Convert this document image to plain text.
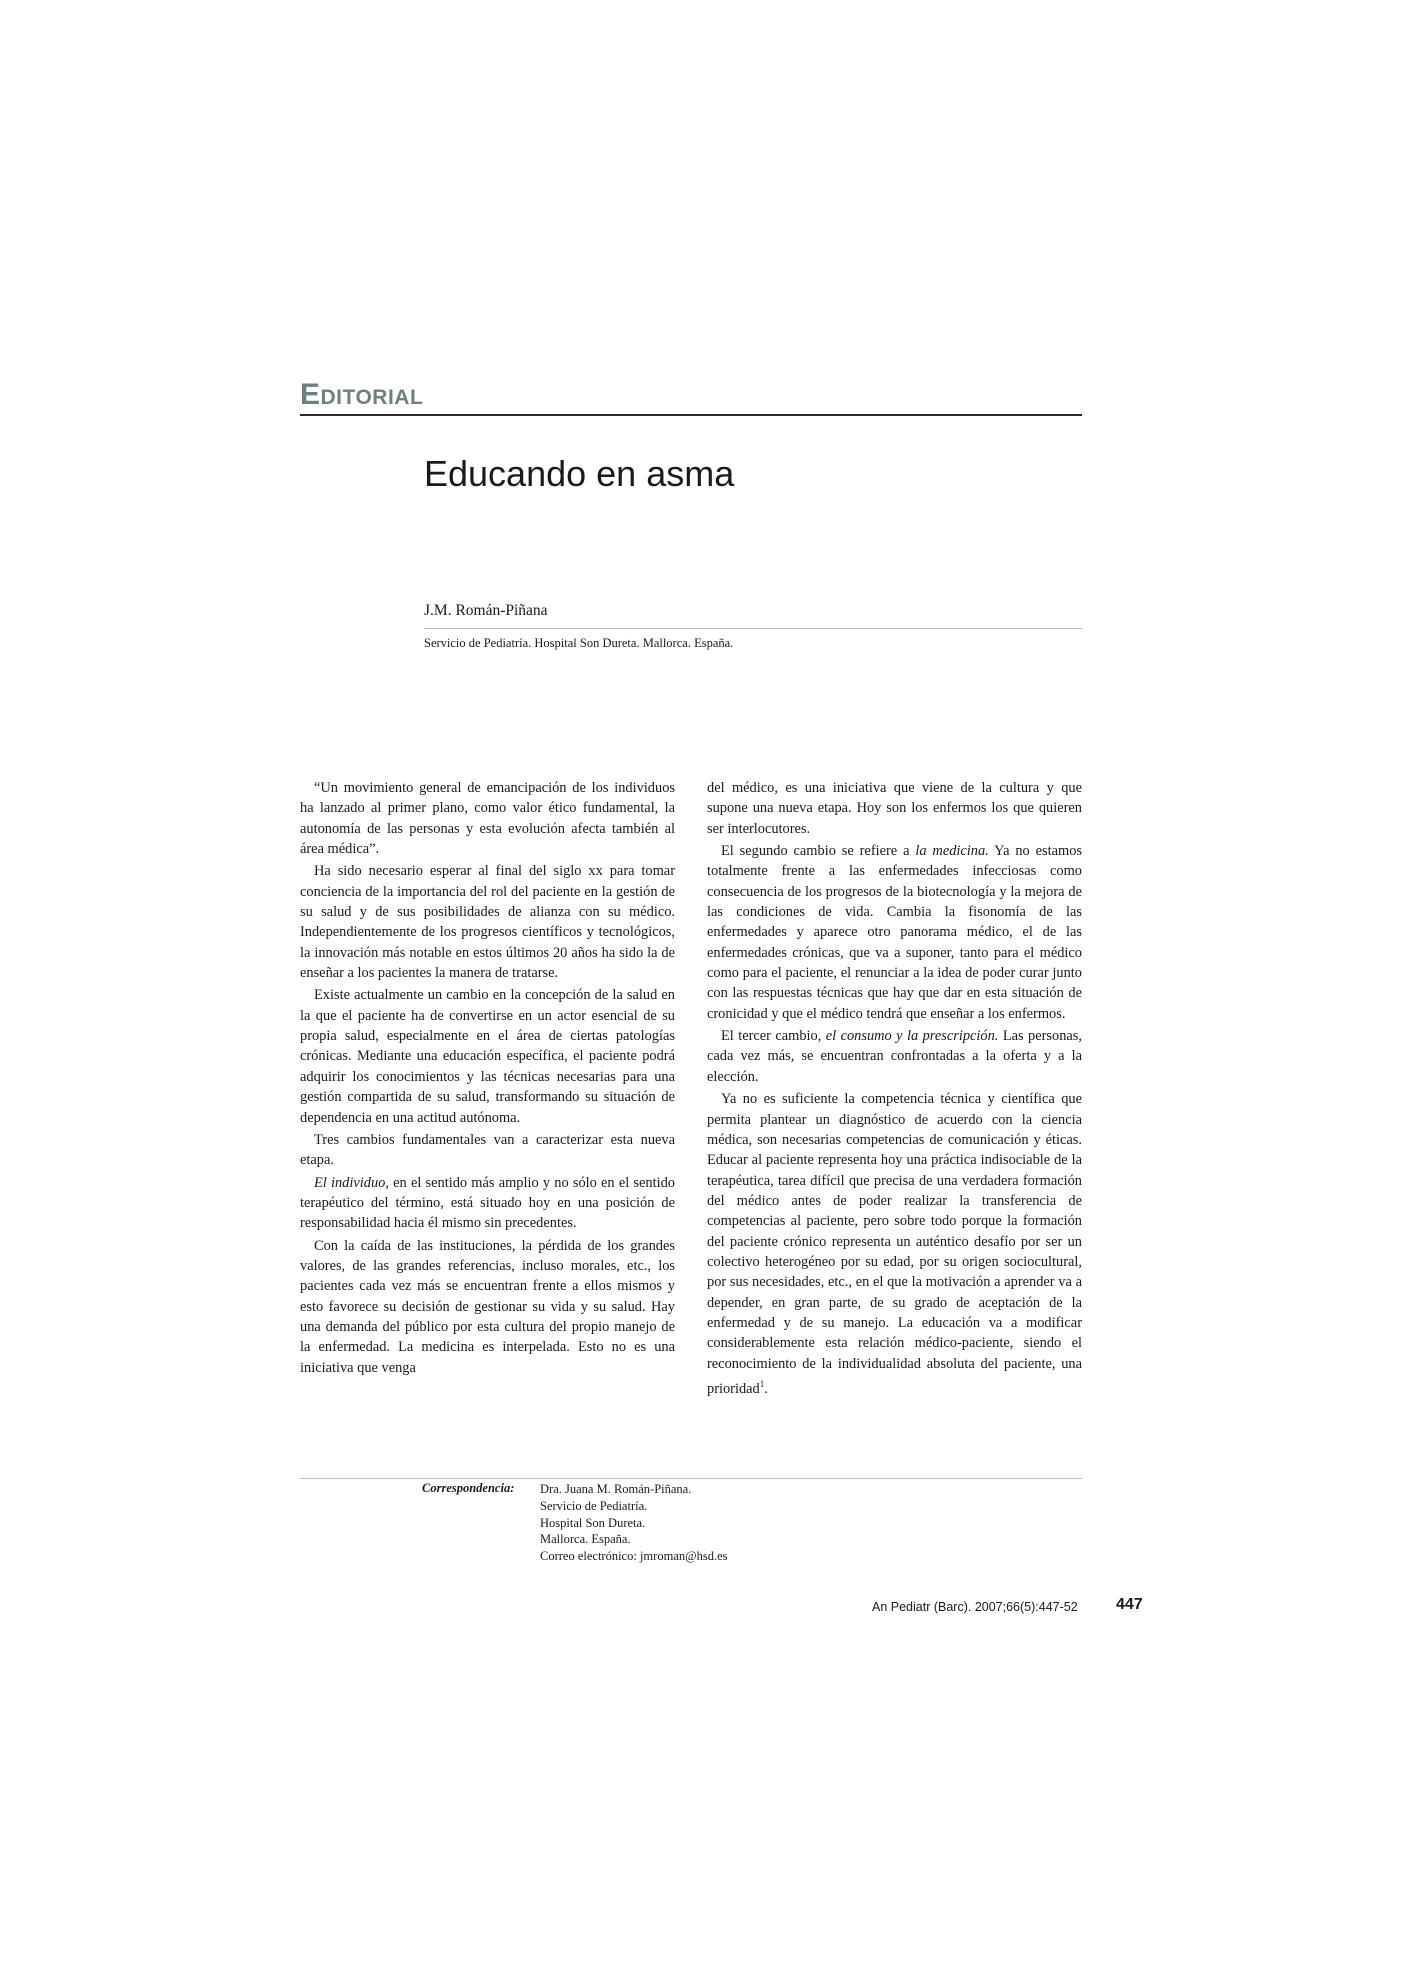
Editorial
Educando en asma
J.M. Román-Piñana
Servicio de Pediatría. Hospital Son Dureta. Mallorca. España.

“Un movimiento general de emancipación de los individuos ha lanzado al primer plano, como valor ético fundamental, la autonomía de las personas y esta evolución afecta también al área médica”.

Ha sido necesario esperar al final del siglo xx para tomar conciencia de la importancia del rol del paciente en la gestión de su salud y de sus posibilidades de alianza con su médico. Independientemente de los progresos científicos y tecnológicos, la innovación más notable en estos últimos 20 años ha sido la de enseñar a los pacientes la manera de tratarse.

Existe actualmente un cambio en la concepción de la salud en la que el paciente ha de convertirse en un actor esencial de su propia salud, especialmente en el área de ciertas patologías crónicas. Mediante una educación específica, el paciente podrá adquirir los conocimientos y las técnicas necesarias para una gestión compartida de su salud, transformando su situación de dependencia en una actitud autónoma.

Tres cambios fundamentales van a caracterizar esta nueva etapa.

El individuo, en el sentido más amplio y no sólo en el sentido terapéutico del término, está situado hoy en una posición de responsabilidad hacia él mismo sin precedentes.

Con la caída de las instituciones, la pérdida de los grandes valores, de las grandes referencias, incluso morales, etc., los pacientes cada vez más se encuentran frente a ellos mismos y esto favorece su decisión de gestionar su vida y su salud. Hay una demanda del público por esta cultura del propio manejo de la enfermedad. La medicina es interpelada. Esto no es una iniciativa que venga

del médico, es una iniciativa que viene de la cultura y que supone una nueva etapa. Hoy son los enfermos los que quieren ser interlocutores.

El segundo cambio se refiere a la medicina. Ya no estamos totalmente frente a las enfermedades infecciosas como consecuencia de los progresos de la biotecnología y la mejora de las condiciones de vida. Cambia la fisonomía de las enfermedades y aparece otro panorama médico, el de las enfermedades crónicas, que va a suponer, tanto para el médico como para el paciente, el renunciar a la idea de poder curar junto con las respuestas técnicas que hay que dar en esta situación de cronicidad y que el médico tendrá que enseñar a los enfermos.

El tercer cambio, el consumo y la prescripción. Las personas, cada vez más, se encuentran confrontadas a la oferta y a la elección.

Ya no es suficiente la competencia técnica y científica que permita plantear un diagnóstico de acuerdo con la ciencia médica, son necesarias competencias de comunicación y éticas. Educar al paciente representa hoy una práctica indisociable de la terapéutica, tarea difícil que precisa de una verdadera formación del médico antes de poder realizar la transferencia de competencias al paciente, pero sobre todo porque la formación del paciente crónico representa un auténtico desafío por ser un colectivo heterogéneo por su edad, por su origen sociocultural, por sus necesidades, etc., en el que la motivación a aprender va a depender, en gran parte, de su grado de aceptación de la enfermedad y de su manejo. La educación va a modificar considerablemente esta relación médico-paciente, siendo el reconocimiento de la individualidad absoluta del paciente, una prioridad$^1$.

Correspondencia: Dra. Juana M. Román-Piñana.
Servicio de Pediatría.
Hospital Son Dureta.
Mallorca. España.
Correo electrónico: jmroman@hsd.es
An Pediatr (Barc). 2007;66(5):447-52 447
